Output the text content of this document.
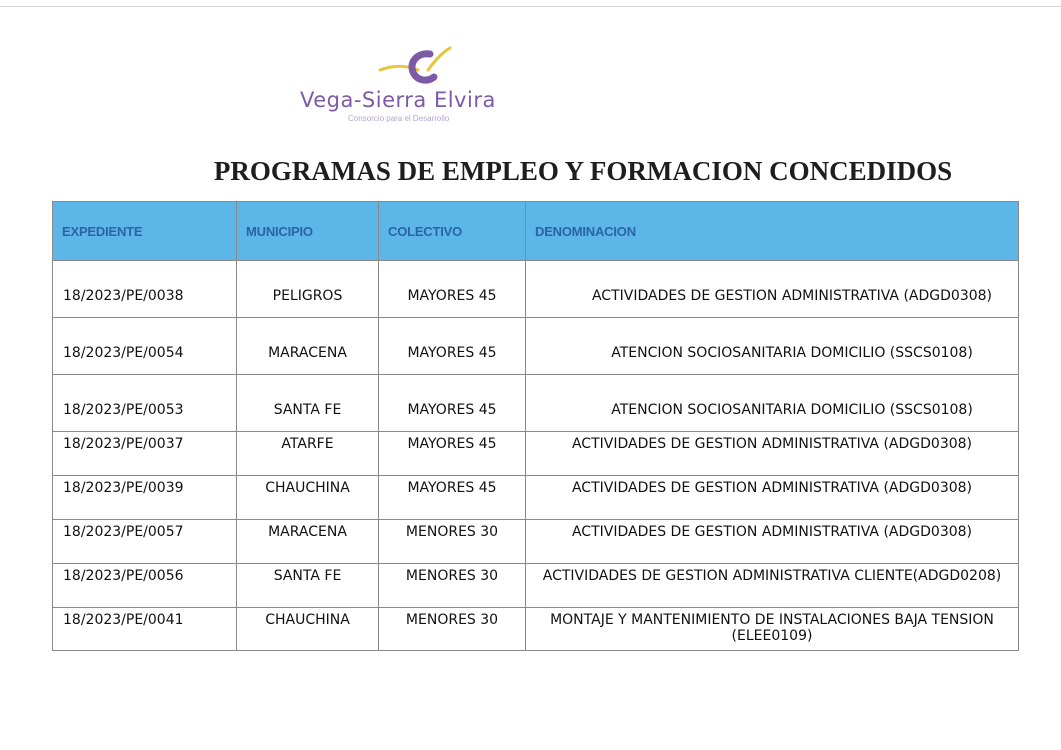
Vega-Sierra Elvira
Consorcio para el Desarrollo
PROGRAMAS DE EMPLEO Y FORMACION CONCEDIDOS
EXPEDIENTE	MUNICIPIO	COLECTIVO	DENOMINACION
18/2023/PE/0038	PELIGROS	MAYORES 45	ACTIVIDADES DE GESTION ADMINISTRATIVA (ADGD0308)
18/2023/PE/0054	MARACENA	MAYORES 45	ATENCION SOCIOSANITARIA DOMICILIO (SSCS0108)
18/2023/PE/0053	SANTA FE	MAYORES 45	ATENCION SOCIOSANITARIA DOMICILIO (SSCS0108)
18/2023/PE/0037	ATARFE	MAYORES 45	ACTIVIDADES DE GESTION ADMINISTRATIVA (ADGD0308)
18/2023/PE/0039	CHAUCHINA	MAYORES 45	ACTIVIDADES DE GESTION ADMINISTRATIVA (ADGD0308)
18/2023/PE/0057	MARACENA	MENORES 30	ACTIVIDADES DE GESTION ADMINISTRATIVA (ADGD0308)
18/2023/PE/0056	SANTA FE	MENORES 30	ACTIVIDADES DE GESTION ADMINISTRATIVA CLIENTE(ADGD0208)
18/2023/PE/0041	CHAUCHINA	MENORES 30	MONTAJE Y MANTENIMIENTO DE INSTALACIONES BAJA TENSION (ELEE0109)
